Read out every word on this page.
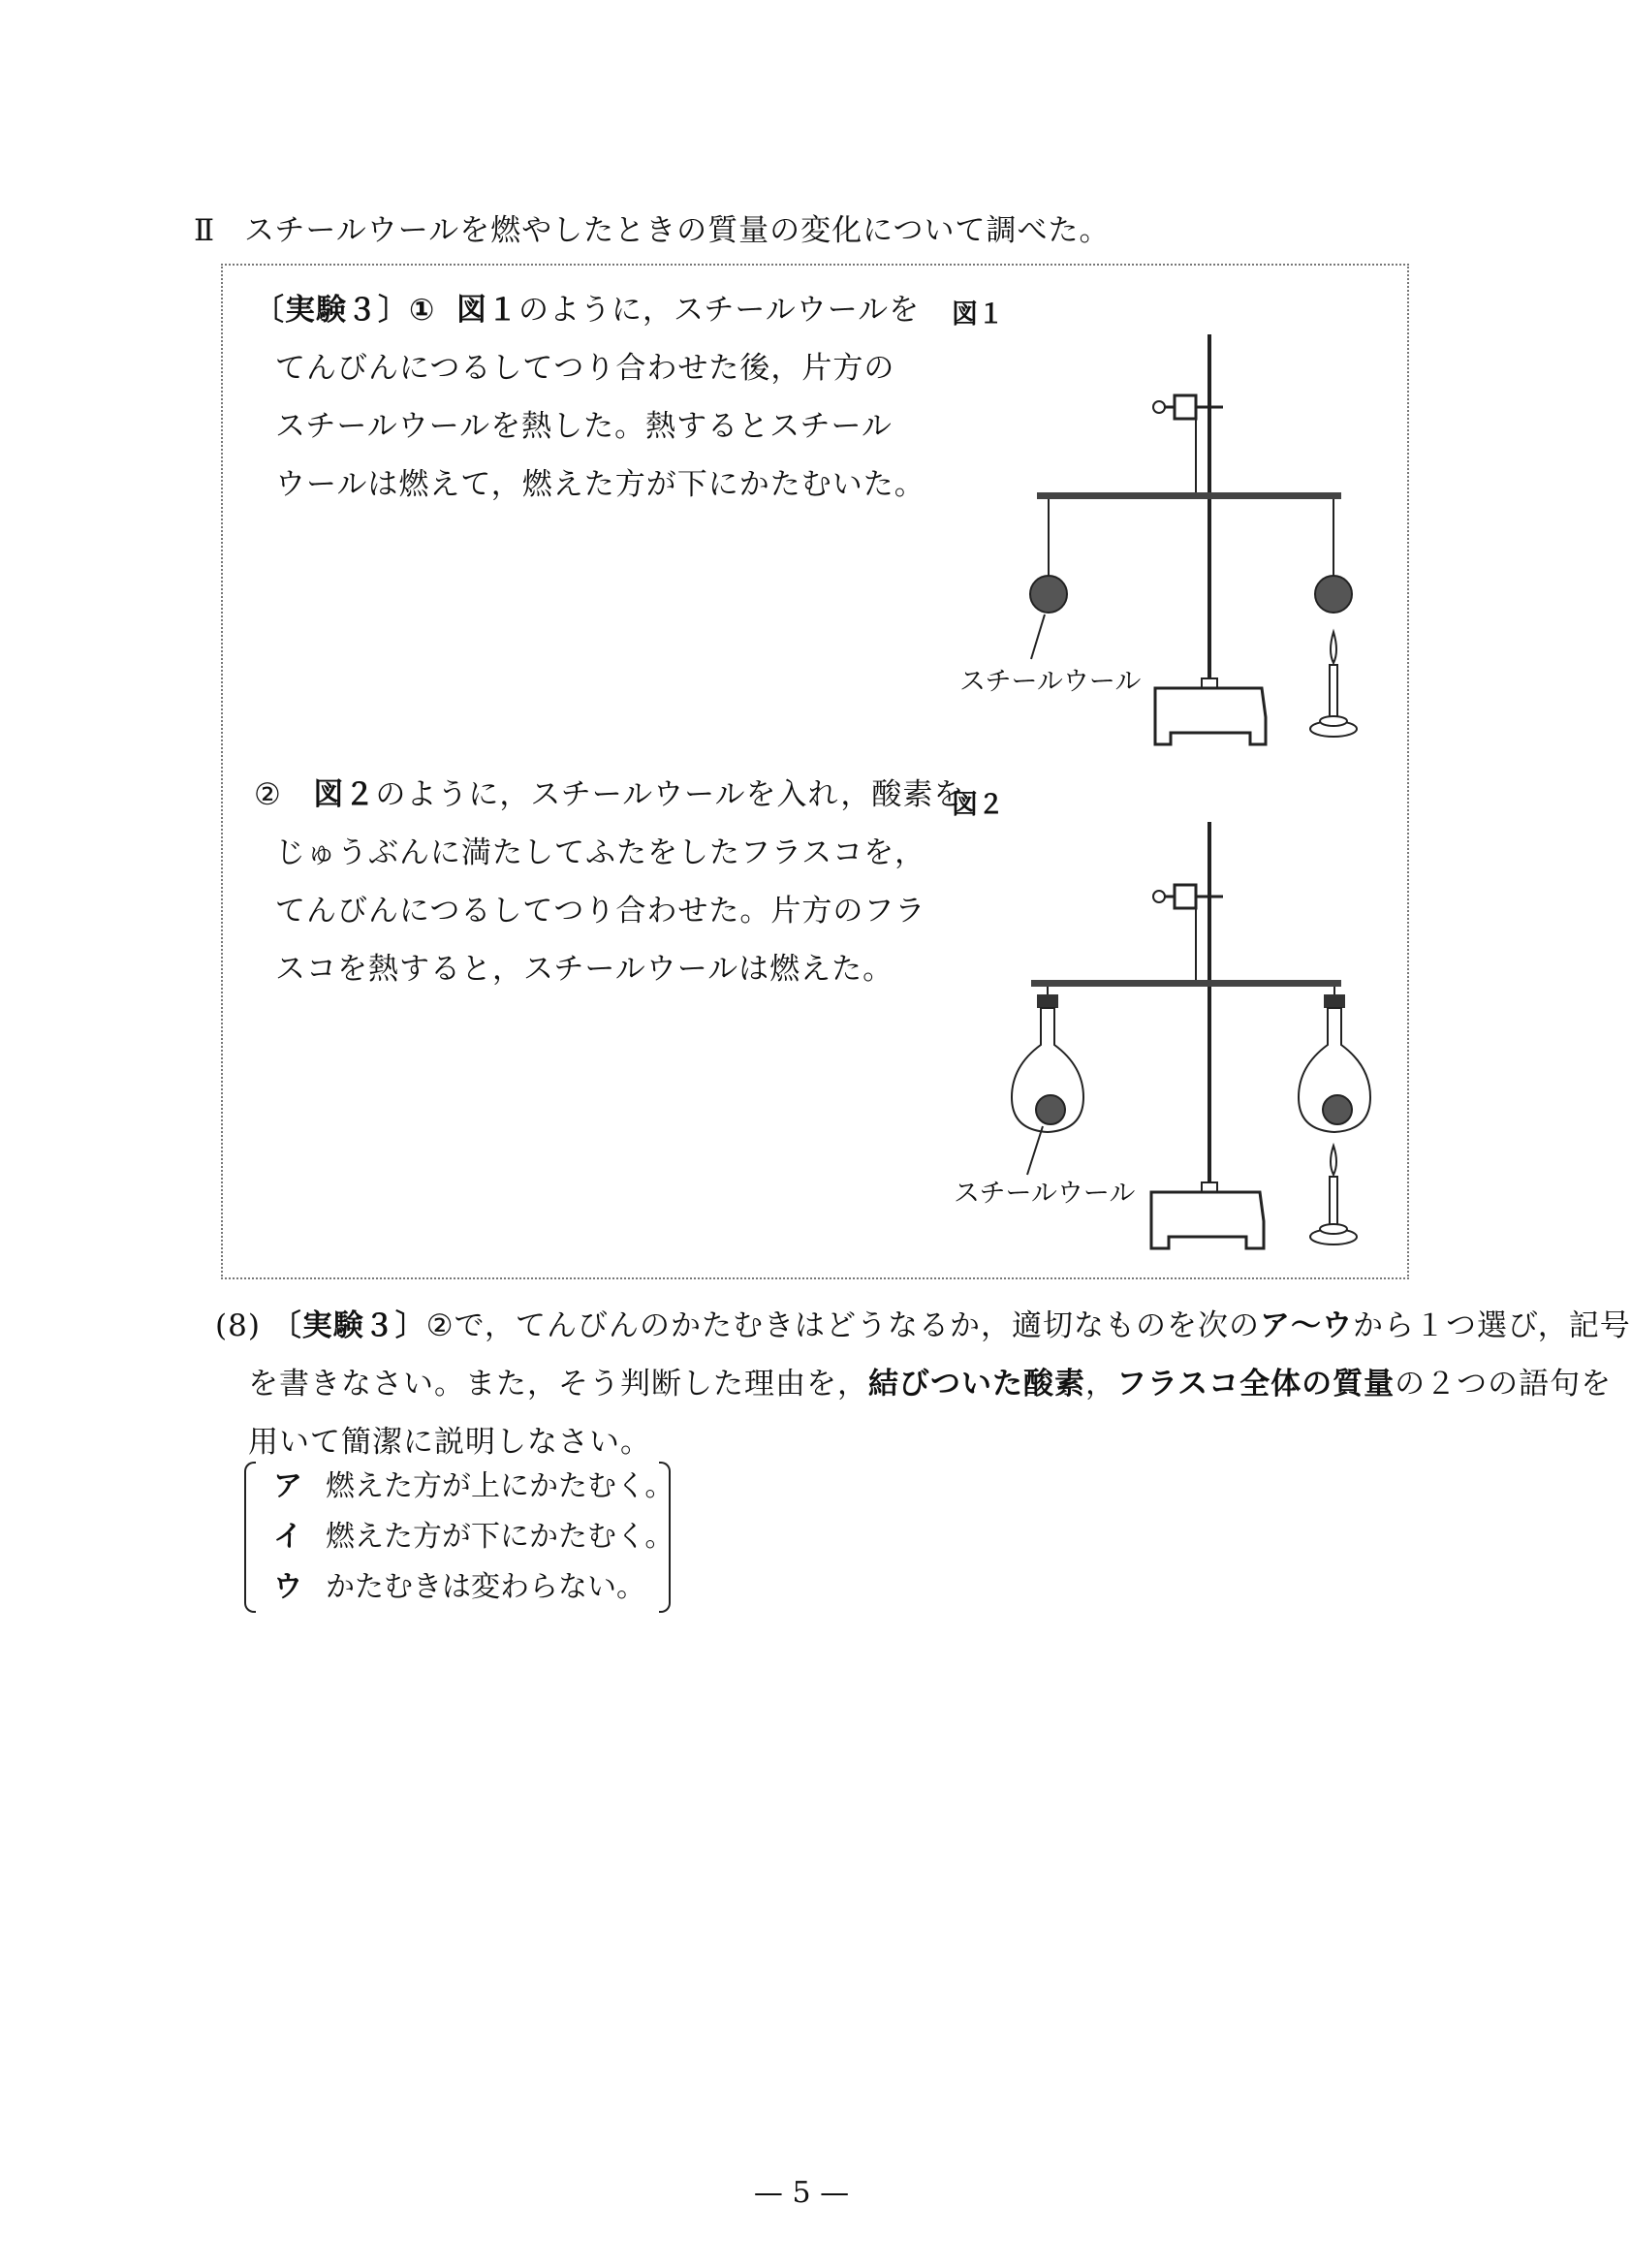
Ⅱ スチールウールを燃やしたときの質量の変化について調べた。
〔実験３〕① 図１のように，スチールウールを
てんびんにつるしてつり合わせた後，片方の
スチールウールを熱した。熱するとスチール
ウールは燃えて，燃えた方が下にかたむいた。
図１
スチールウール
② 図２のように，スチールウールを入れ，酸素を
じゅうぶんに満たしてふたをしたフラスコを，
てんびんにつるしてつり合わせた。片方のフラ
スコを熱すると，スチールウールは燃えた。
図２
スチールウール
(8) 〔実験３〕②で，てんびんのかたむきはどうなるか，適切なものを次のア～ウから１つ選び，記号
を書きなさい。また，そう判断した理由を，結びついた酸素，フラスコ全体の質量の２つの語句を
用いて簡潔に説明しなさい。
ア 燃えた方が上にかたむく。
イ 燃えた方が下にかたむく。
ウ かたむきは変わらない。
— 5 —
